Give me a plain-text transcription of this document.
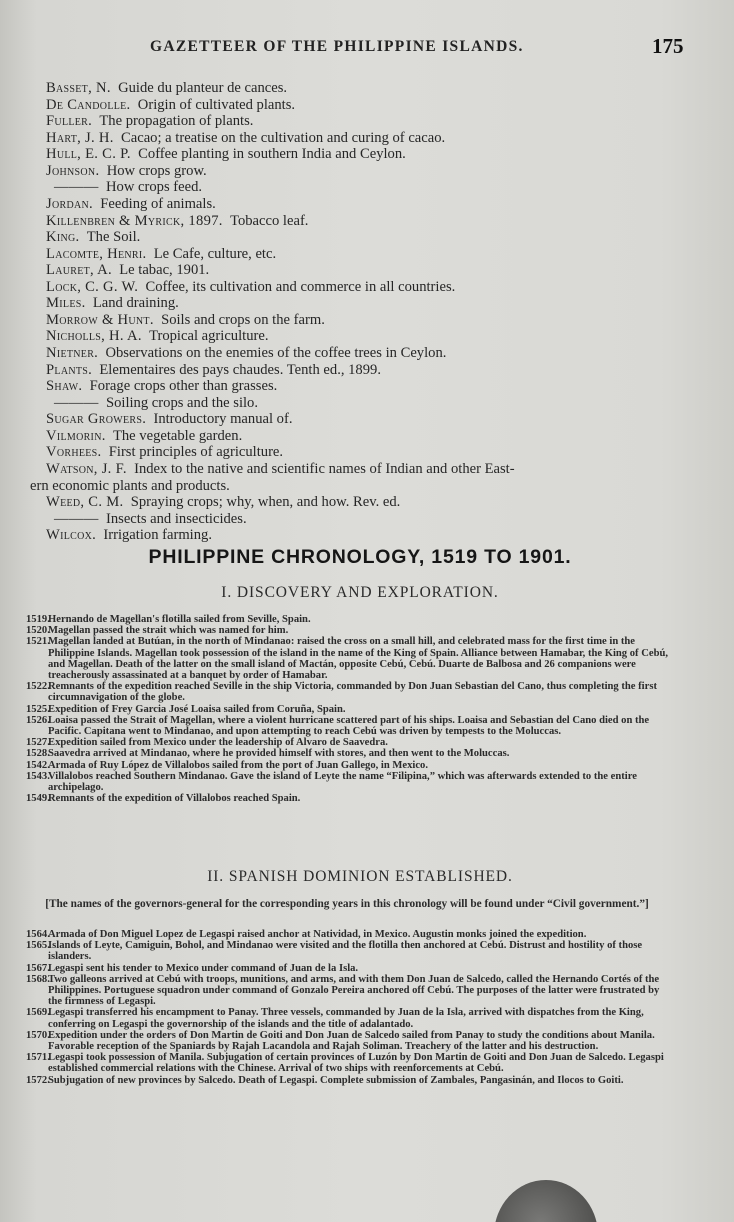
GAZETTEER OF THE PHILIPPINE ISLANDS.	175
Basset, N.  Guide du planteur de cances.
De Candolle.  Origin of cultivated plants.
Fuller.  The propagation of plants.
Hart, J. H.  Cacao; a treatise on the cultivation and curing of cacao.
Hull, E. C. P.  Coffee planting in southern India and Ceylon.
Johnson.  How crops grow.
———  How crops feed.
Jordan.  Feeding of animals.
Killenbren & Myrick, 1897.  Tobacco leaf.
King.  The Soil.
Lacomte, Henri.  Le Cafe, culture, etc.
Lauret, A.  Le tabac, 1901.
Lock, C. G. W.  Coffee, its cultivation and commerce in all countries.
Miles.  Land draining.
Morrow & Hunt.  Soils and crops on the farm.
Nicholls, H. A.  Tropical agriculture.
Nietner.  Observations on the enemies of the coffee trees in Ceylon.
Plants.  Elementaires des pays chaudes. Tenth ed., 1899.
Shaw.  Forage crops other than grasses.
———  Soiling crops and the silo.
Sugar Growers.  Introductory manual of.
Vilmorin.  The vegetable garden.
Vorhees.  First principles of agriculture.
Watson, J. F.  Index to the native and scientific names of Indian and other East-
ern economic plants and products.
Weed, C. M.  Spraying crops; why, when, and how. Rev. ed.
———  Insects and insecticides.
Wilcox.  Irrigation farming.
PHILIPPINE CHRONOLOGY, 1519 TO 1901.
I. DISCOVERY AND EXPLORATION.
1519.
Hernando de Magellan's flotilla sailed from Seville, Spain.
1520.
Magellan passed the strait which was named for him.
1521.
Magellan landed at Butúan, in the north of Mindanao: raised the cross on a small hill, and celebrated mass for the first time in the Philippine Islands. Magellan took possession of the island in the name of the King of Spain. Alliance between Hamabar, the King of Cebú, and Magellan. Death of the latter on the small island of Mactán, opposite Cebú, Cebú. Duarte de Balbosa and 26 companions were treacherously assassinated at a banquet by order of Hamabar.
1522.
Remnants of the expedition reached Seville in the ship Victoria, commanded by Don Juan Sebastian del Cano, thus completing the first circumnavigation of the globe.
1525.
Expedition of Frey Garcia José Loaisa sailed from Coruña, Spain.
1526.
Loaisa passed the Strait of Magellan, where a violent hurricane scattered part of his ships. Loaisa and Sebastian del Cano died on the Pacific. Capitana went to Mindanao, and upon attempting to reach Cebú was driven by tempests to the Moluccas.
1527.
Expedition sailed from Mexico under the leadership of Alvaro de Saavedra.
1528.
Saavedra arrived at Mindanao, where he provided himself with stores, and then went to the Moluccas.
1542.
Armada of Ruy López de Villalobos sailed from the port of Juan Gallego, in Mexico.
1543.
Villalobos reached Southern Mindanao. Gave the island of Leyte the name “Filipina,” which was afterwards extended to the entire archipelago.
1549.
Remnants of the expedition of Villalobos reached Spain.
II. SPANISH DOMINION ESTABLISHED.
[The names of the governors-general for the corresponding years in this chronology will be found under “Civil government.”]
1564.
Armada of Don Miguel Lopez de Legaspi raised anchor at Natividad, in Mexico. Augustin monks joined the expedition.
1565.
Islands of Leyte, Camiguin, Bohol, and Mindanao were visited and the flotilla then anchored at Cebú. Distrust and hostility of those islanders.
1567.
Legaspi sent his tender to Mexico under command of Juan de la Isla.
1568.
Two galleons arrived at Cebú with troops, munitions, and arms, and with them Don Juan de Salcedo, called the Hernando Cortés of the Philippines. Portuguese squadron under command of Gonzalo Pereira anchored off Cebú. The purposes of the latter were frustrated by the firmness of Legaspi.
1569.
Legaspi transferred his encampment to Panay. Three vessels, commanded by Juan de la Isla, arrived with dispatches from the King, conferring on Legaspi the governorship of the islands and the title of adalantado.
1570.
Expedition under the orders of Don Martin de Goiti and Don Juan de Salcedo sailed from Panay to study the conditions about Manila. Favorable reception of the Spaniards by Rajah Lacandola and Rajah Soliman. Treachery of the latter and his destruction.
1571.
Legaspi took possession of Manila. Subjugation of certain provinces of Luzón by Don Martin de Goiti and Don Juan de Salcedo. Legaspi established commercial relations with the Chinese. Arrival of two ships with reenforcements at Cebú.
1572.
Subjugation of new provinces by Salcedo. Death of Legaspi. Complete submission of Zambales, Pangasinán, and Ilocos to Goiti.
